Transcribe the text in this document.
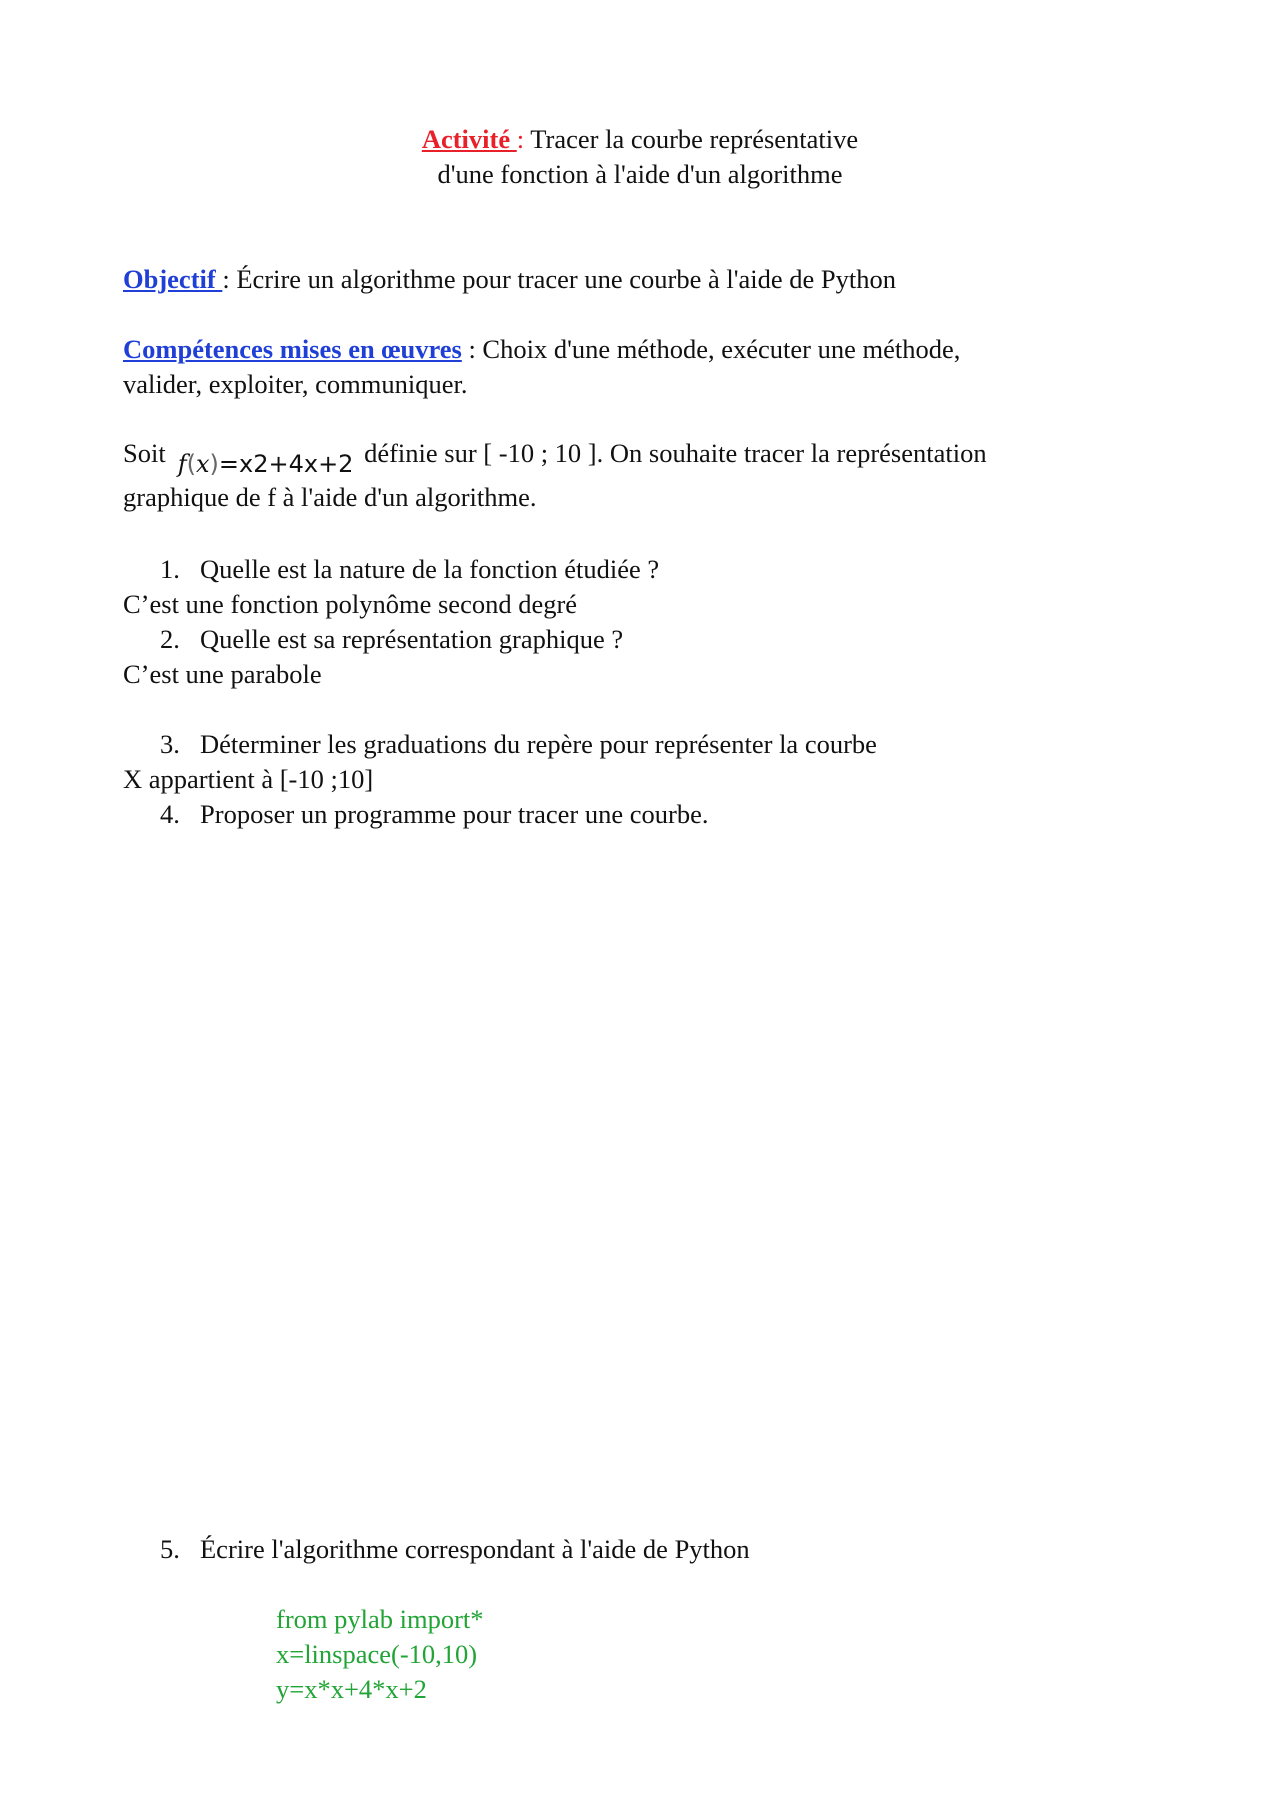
Activité : Tracer la courbe représentative
d'une fonction à l'aide d'un algorithme
Objectif : Écrire un algorithme pour tracer une courbe à l'aide de Python
Compétences mises en œuvres : Choix d'une méthode, exécuter une méthode,
valider, exploiter, communiquer.
Soit f(x)=x2+4x+2 définie sur [ -10 ; 10 ]. On souhaite tracer la représentation
graphique de f à l'aide d'un algorithme.
1. Quelle est la nature de la fonction étudiée ?
C’est une fonction polynôme second degré
2. Quelle est sa représentation graphique ?
C’est une parabole
3. Déterminer les graduations du repère pour représenter la courbe
X appartient à [-10 ;10]
4. Proposer un programme pour tracer une courbe.
5. Écrire l'algorithme correspondant à l'aide de Python
from pylab import*
x=linspace(-10,10)
y=x*x+4*x+2
